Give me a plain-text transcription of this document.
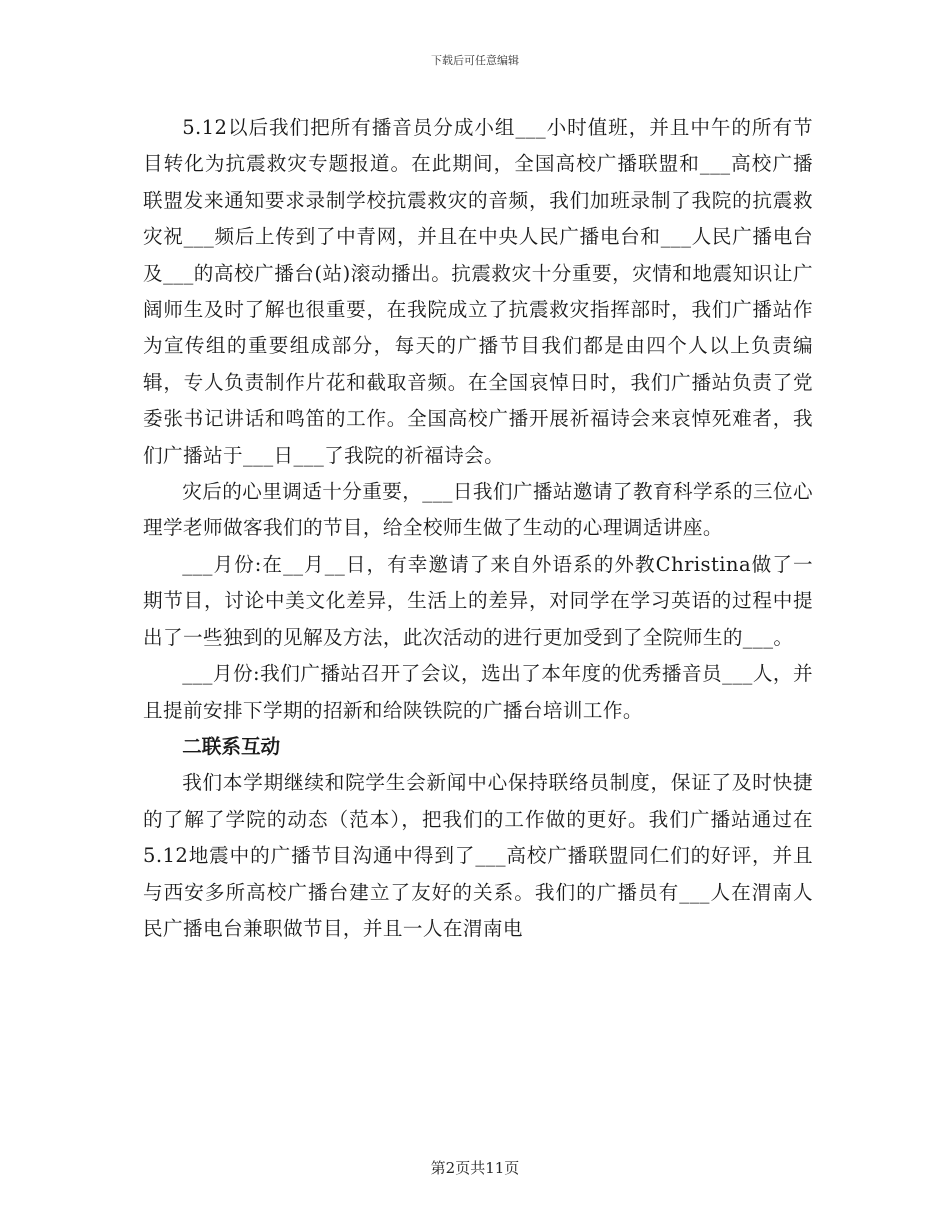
下载后可任意编辑

5.12以后我们把所有播音员分成小组___小时值班，并且中午的所有节目转化为抗震救灾专题报道。在此期间，全国高校广播联盟和___高校广播联盟发来通知要求录制学校抗震救灾的音频，我们加班录制了我院的抗震救灾祝___频后上传到了中青网，并且在中央人民广播电台和___人民广播电台及___的高校广播台(站)滚动播出。抗震救灾十分重要，灾情和地震知识让广阔师生及时了解也很重要，在我院成立了抗震救灾指挥部时，我们广播站作为宣传组的重要组成部分，每天的广播节目我们都是由四个人以上负责编辑，专人负责制作片花和截取音频。在全国哀悼日时，我们广播站负责了党委张书记讲话和鸣笛的工作。全国高校广播开展祈福诗会来哀悼死难者，我们广播站于___日___了我院的祈福诗会。

灾后的心里调适十分重要，___日我们广播站邀请了教育科学系的三位心理学老师做客我们的节目，给全校师生做了生动的心理调适讲座。

___月份:在__月__日，有幸邀请了来自外语系的外教Christina做了一期节目，讨论中美文化差异，生活上的差异，对同学在学习英语的过程中提出了一些独到的见解及方法，此次活动的进行更加受到了全院师生的___。

___月份:我们广播站召开了会议，选出了本年度的优秀播音员___人，并且提前安排下学期的招新和给陕铁院的广播台培训工作。

二联系互动

我们本学期继续和院学生会新闻中心保持联络员制度，保证了及时快捷的了解了学院的动态（范本），把我们的工作做的更好。我们广播站通过在5.12地震中的广播节目沟通中得到了___高校广播联盟同仁们的好评，并且与西安多所高校广播台建立了友好的关系。我们的广播员有___人在渭南人民广播电台兼职做节目，并且一人在渭南电

第2页共11页
